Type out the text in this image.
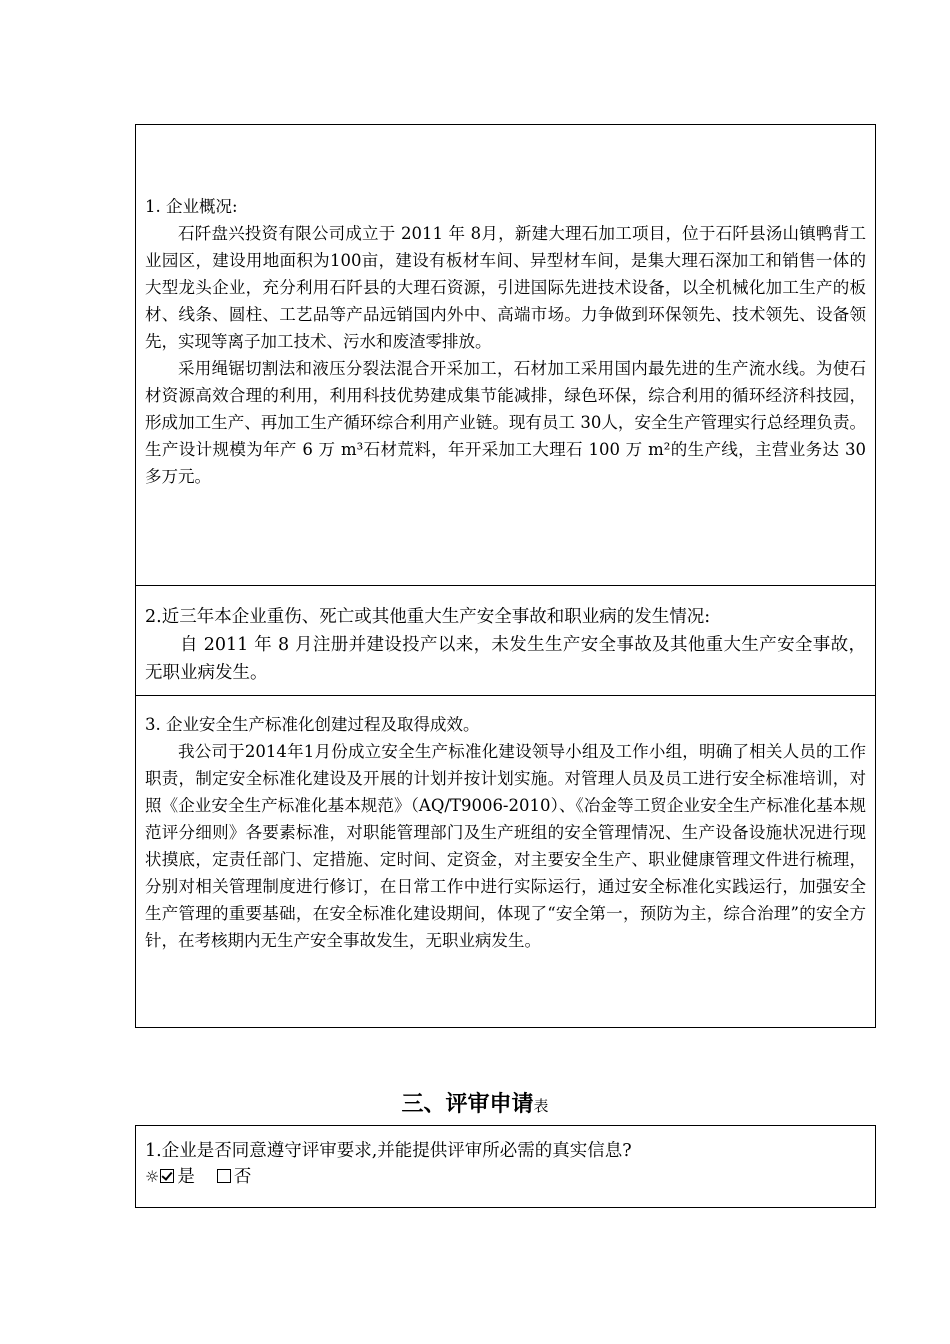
1. 企业概况:

石阡盘兴投资有限公司成立于 2011 年 8月，新建大理石加工项目，位于石阡县汤山镇鸭背工业园区，建设用地面积为100亩，建设有板材车间、异型材车间，是集大理石深加工和销售一体的大型龙头企业，充分利用石阡县的大理石资源，引进国际先进技术设备，以全机械化加工生产的板材、线条、圆柱、工艺品等产品远销国内外中、高端市场。力争做到环保领先、技术领先、设备领先，实现等离子加工技术、污水和废渣零排放。

采用绳锯切割法和液压分裂法混合开采加工，石材加工采用国内最先进的生产流水线。为使石材资源高效合理的利用，利用科技优势建成集节能减排，绿色环保，综合利用的循环经济科技园，形成加工生产、再加工生产循环综合利用产业链。现有员工 30人，安全生产管理实行总经理负责。生产设计规模为年产 6 万 m³石材荒料，年开采加工大理石 100 万 m²的生产线，主营业务达 30 多万元。

2.近三年本企业重伤、死亡或其他重大生产安全事故和职业病的发生情况:

自 2011 年 8 月注册并建设投产以来，未发生生产安全事故及其他重大生产安全事故，无职业病发生。

3. 企业安全生产标准化创建过程及取得成效。

我公司于2014年1月份成立安全生产标准化建设领导小组及工作小组，明确了相关人员的工作职责，制定安全标准化建设及开展的计划并按计划实施。对管理人员及员工进行安全标准培训，对照《企业安全生产标准化基本规范》（AQ/T9006-2010）、《冶金等工贸企业安全生产标准化基本规范评分细则》各要素标准，对职能管理部门及生产班组的安全管理情况、生产设备设施状况进行现状摸底，定责任部门、定措施、定时间、定资金，对主要安全生产、职业健康管理文件进行梳理，分别对相关管理制度进行修订，在日常工作中进行实际运行，通过安全标准化实践运行，加强安全生产管理的重要基础，在安全标准化建设期间，体现了“安全第一，预防为主，综合治理”的安全方针，在考核期内无生产安全事故发生，无职业病发生。

三、评审申请表

1.企业是否同意遵守评审要求,并能提供评审所必需的真实信息?

☼ 是 否
